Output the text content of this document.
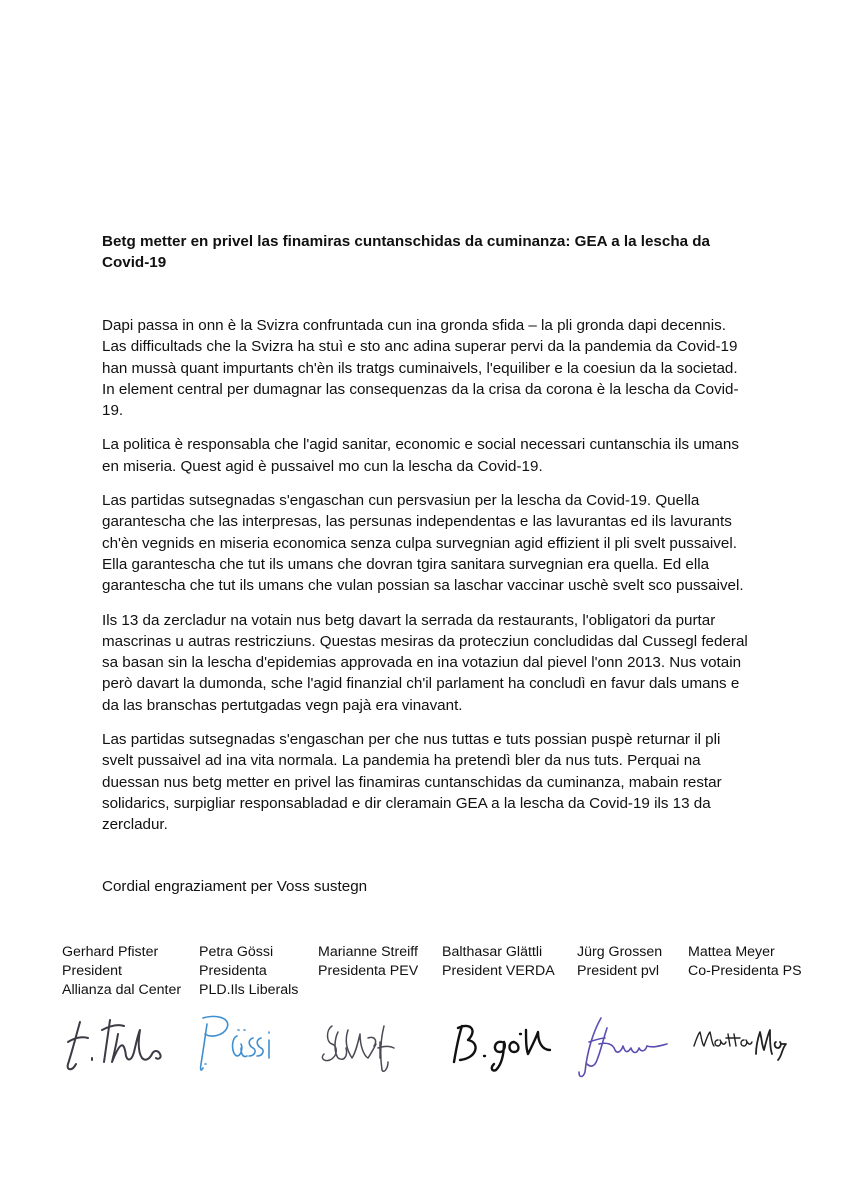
Betg metter en privel las finamiras cuntanschidas da cuminanza: GEA a la lescha da Covid-19

Dapi passa in onn è la Svizra confruntada cun ina gronda sfida – la pli gronda dapi decennis. Las difficultads che la Svizra ha stuì e sto anc adina superar pervi da la pandemia da Covid-19 han mussà quant impurtants ch'èn ils tratgs cuminaivels, l'equiliber e la coesiun da la societad. In element central per dumagnar las consequenzas da la crisa da corona è la lescha da Covid-19.

La politica è responsabla che l'agid sanitar, economic e social necessari cuntanschia ils umans en miseria. Quest agid è pussaivel mo cun la lescha da Covid-19.

Las partidas sutsegnadas s'engaschan cun persvasiun per la lescha da Covid-19. Quella garantescha che las interpresas, las persunas independentas e las lavurantas ed ils lavurants ch'èn vegnids en miseria economica senza culpa survegnian agid effizient il pli svelt pussaivel. Ella garantescha che tut ils umans che dovran tgira sanitara survegnian era quella. Ed ella garantescha che tut ils umans che vulan possian sa laschar vaccinar uschè svelt sco pussaivel.

Ils 13 da zercladur na votain nus betg davart la serrada da restaurants, l'obligatori da purtar mascrinas u autras restricziuns. Questas mesiras da protecziun concludidas dal Cussegl federal sa basan sin la lescha d'epidemias approvada en ina votaziun dal pievel l'onn 2013. Nus votain però davart la dumonda, sche l'agid finanzial ch'il parlament ha concludì en favur dals umans e da las branschas pertutgadas vegn pajà era vinavant.

Las partidas sutsegnadas s'engaschan per che nus tuttas e tuts possian puspè returnar il pli svelt pussaivel ad ina vita normala. La pandemia ha pretendì bler da nus tuts. Perquai na duessan nus betg metter en privel las finamiras cuntanschidas da cuminanza, mabain restar solidarics, surpigliar responsabladad e dir cleramain GEA a la lescha da Covid-19 ils 13 da zercladur.

Cordial engraziament per Voss sustegn
Gerhard Pfister
President
Allianza dal Center
Petra Gössi
Presidenta
PLD.Ils Liberals
Marianne Streiff
Presidenta PEV
Balthasar Glättli
President VERDA
Jürg Grossen
President pvl
Mattea Meyer
Co-Presidenta PS
